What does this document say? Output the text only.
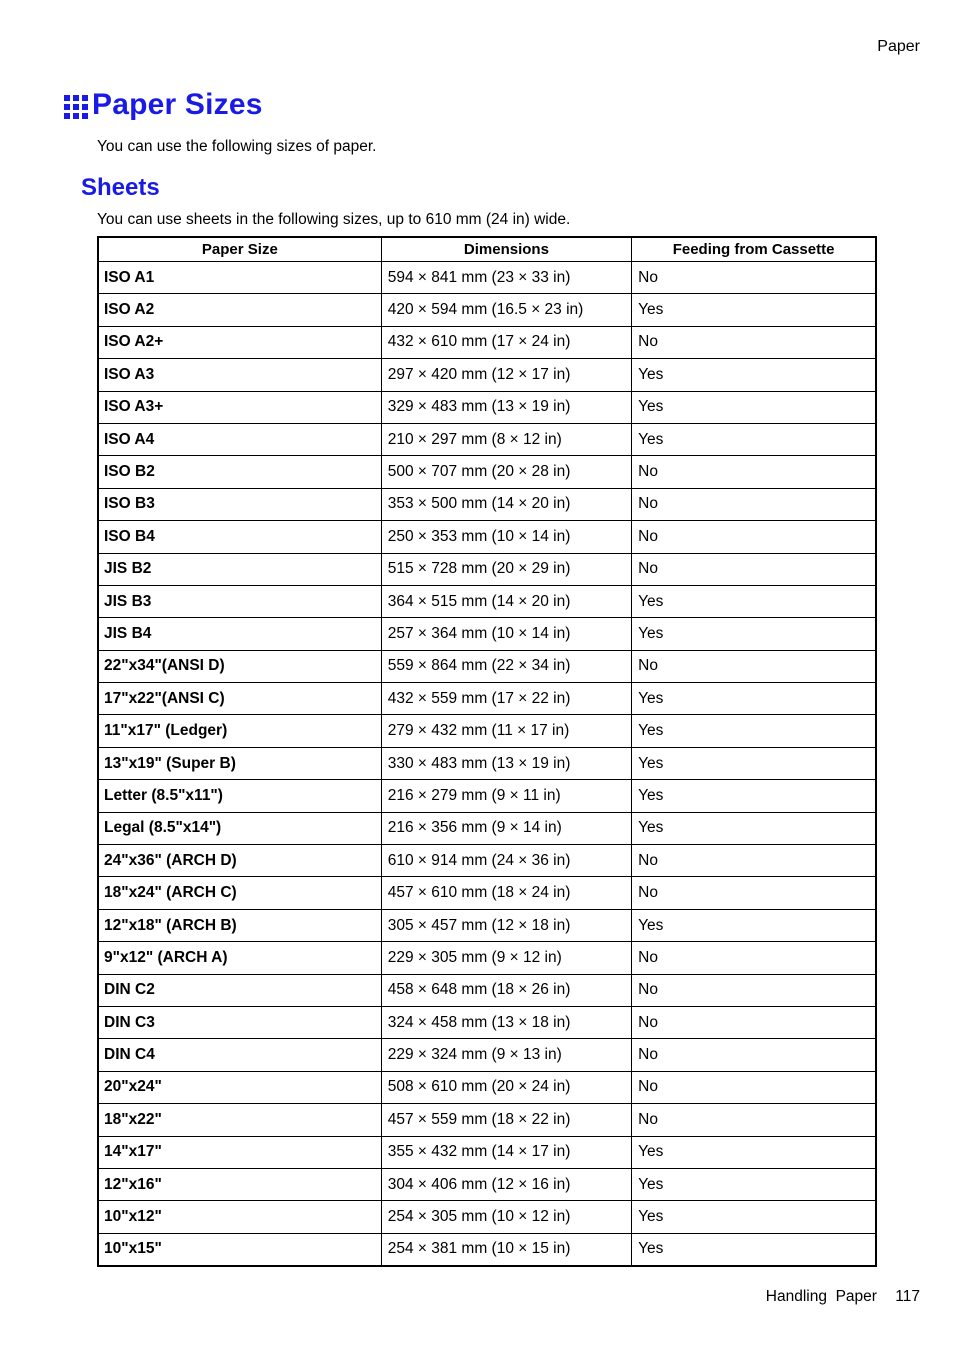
Paper
Paper Sizes
You can use the following sizes of paper.
Sheets
You can use sheets in the following sizes, up to 610 mm (24 in) wide.
Paper Size	Dimensions	Feeding from Cassette
ISO A1	594 × 841 mm (23 × 33 in)	No
ISO A2	420 × 594 mm (16.5 × 23 in)	Yes
ISO A2+	432 × 610 mm (17 × 24 in)	No
ISO A3	297 × 420 mm (12 × 17 in)	Yes
ISO A3+	329 × 483 mm (13 × 19 in)	Yes
ISO A4	210 × 297 mm (8 × 12 in)	Yes
ISO B2	500 × 707 mm (20 × 28 in)	No
ISO B3	353 × 500 mm (14 × 20 in)	No
ISO B4	250 × 353 mm (10 × 14 in)	No
JIS B2	515 × 728 mm (20 × 29 in)	No
JIS B3	364 × 515 mm (14 × 20 in)	Yes
JIS B4	257 × 364 mm (10 × 14 in)	Yes
22"x34"(ANSI D)	559 × 864 mm (22 × 34 in)	No
17"x22"(ANSI C)	432 × 559 mm (17 × 22 in)	Yes
11"x17" (Ledger)	279 × 432 mm (11 × 17 in)	Yes
13"x19" (Super B)	330 × 483 mm (13 × 19 in)	Yes
Letter (8.5"x11")	216 × 279 mm (9 × 11 in)	Yes
Legal (8.5"x14")	216 × 356 mm (9 × 14 in)	Yes
24"x36" (ARCH D)	610 × 914 mm (24 × 36 in)	No
18"x24" (ARCH C)	457 × 610 mm (18 × 24 in)	No
12"x18" (ARCH B)	305 × 457 mm (12 × 18 in)	Yes
9"x12" (ARCH A)	229 × 305 mm (9 × 12 in)	No
DIN C2	458 × 648 mm (18 × 26 in)	No
DIN C3	324 × 458 mm (13 × 18 in)	No
DIN C4	229 × 324 mm (9 × 13 in)	No
20"x24"	508 × 610 mm (20 × 24 in)	No
18"x22"	457 × 559 mm (18 × 22 in)	No
14"x17"	355 × 432 mm (14 × 17 in)	Yes
12"x16"	304 × 406 mm (12 × 16 in)	Yes
10"x12"	254 × 305 mm (10 × 12 in)	Yes
10"x15"	254 × 381 mm (10 × 15 in)	Yes
Handling  Paper 117
